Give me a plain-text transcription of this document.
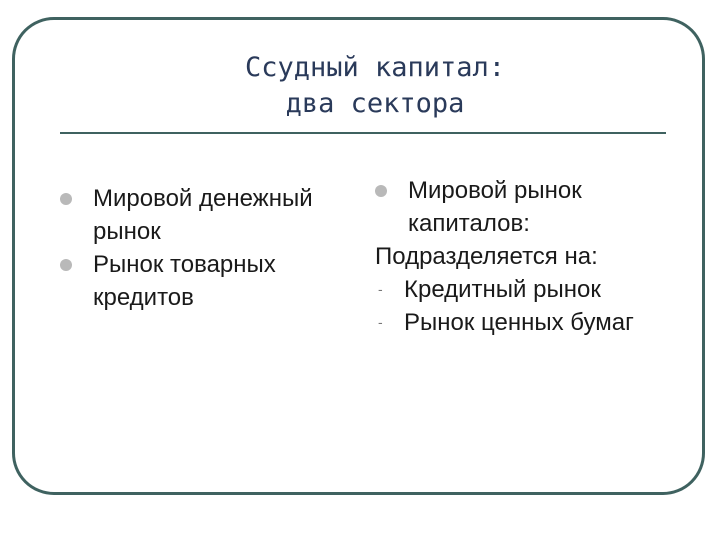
Ссудный капитал:
два сектора
Мировой денежный рынок
Рынок товарных кредитов
Мировой рынок капиталов:
Подразделяется на:
- Кредитный рынок
- Рынок ценных бумаг
